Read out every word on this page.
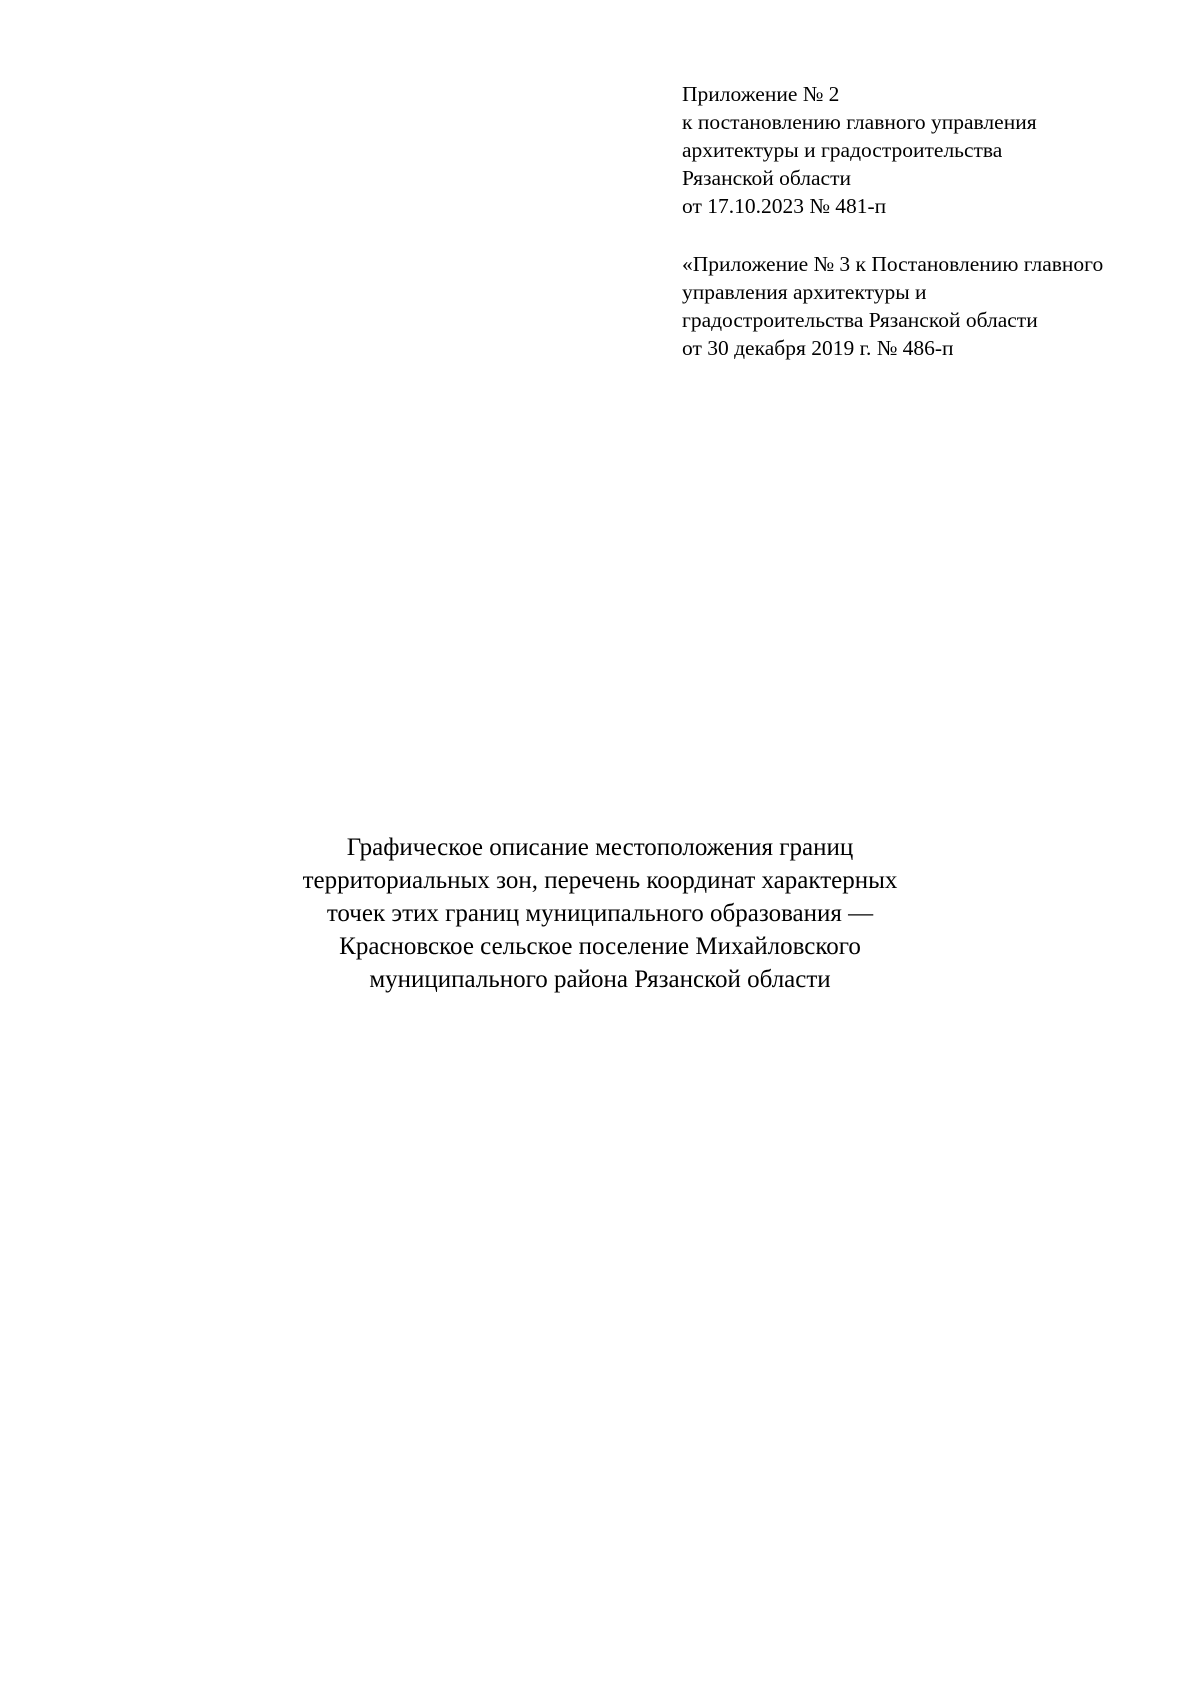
Приложение № 2
к постановлению главного управления
архитектуры и градостроительства
Рязанской области
от 17.10.2023 № 481-п
«Приложение № 3 к Постановлению главного
управления архитектуры и
градостроительства Рязанской области
от 30 декабря 2019 г. № 486-п
Графическое описание местоположения границ
территориальных зон, перечень координат характерных
точек этих границ муниципального образования —
Красновское сельское поселение Михайловского
муниципального района Рязанской области
